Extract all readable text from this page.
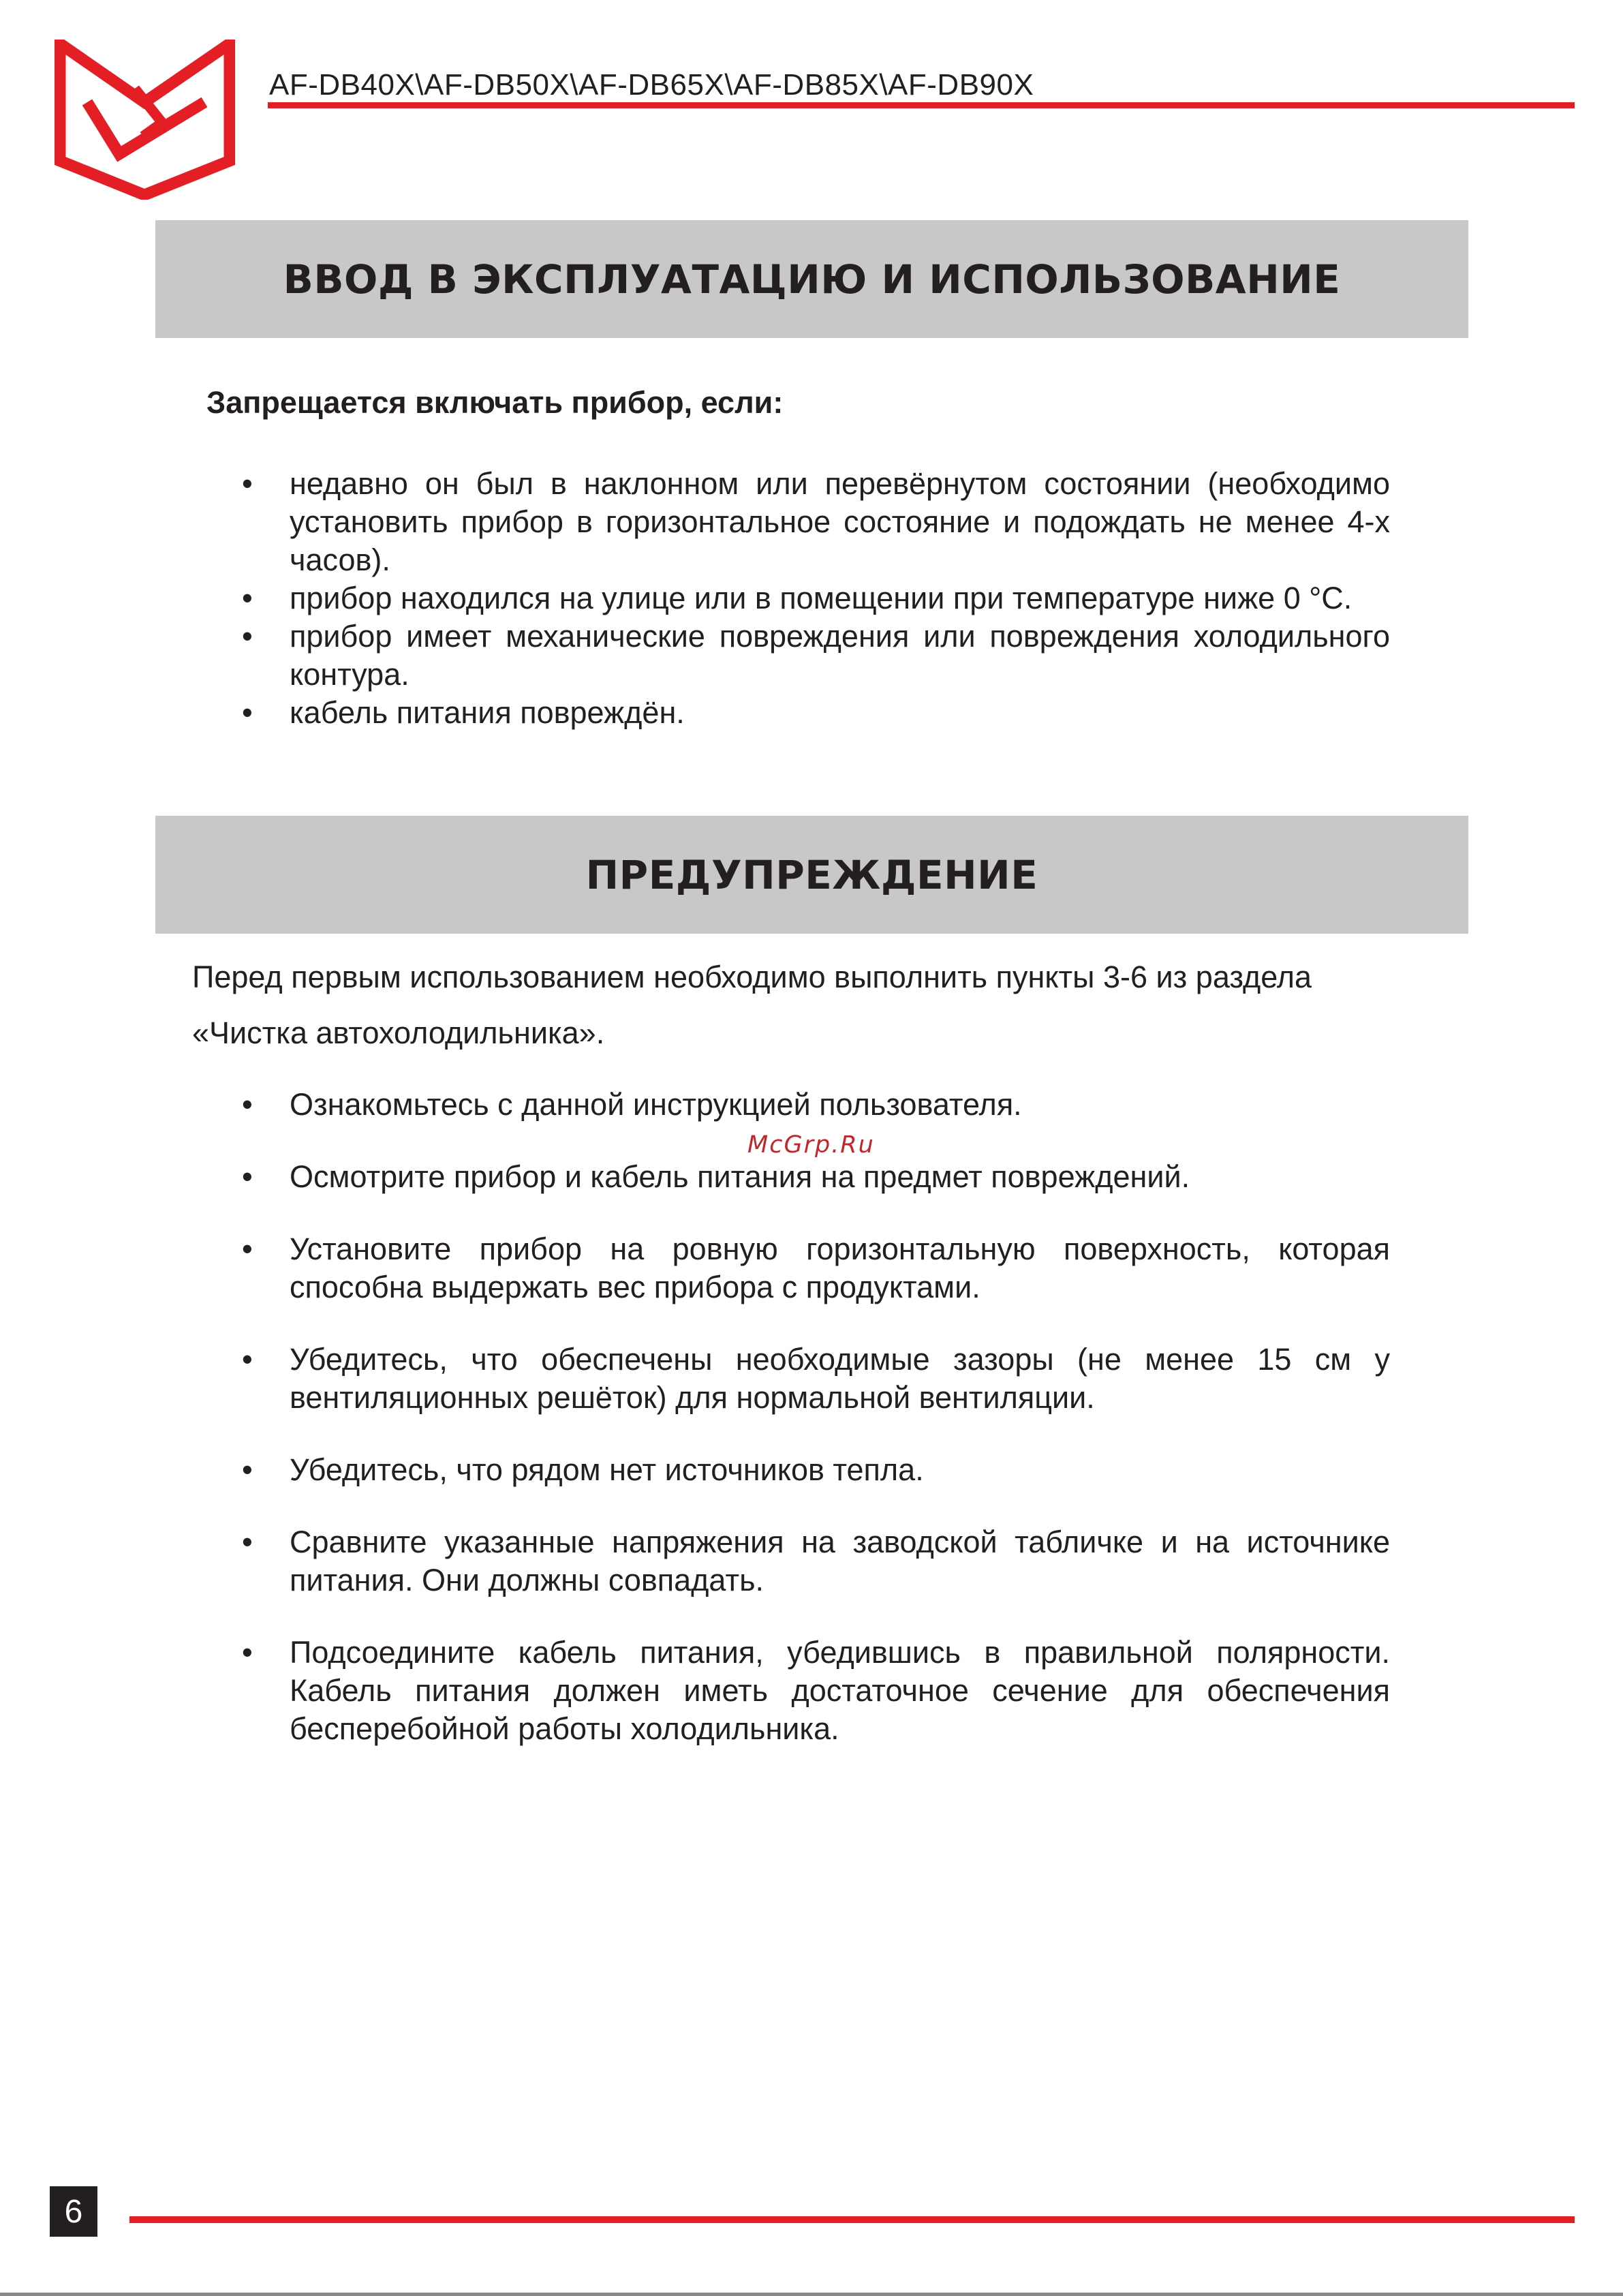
AF-DB40X\AF-DB50X\AF-DB65X\AF-DB85X\AF-DB90X
ВВОД В ЭКСПЛУАТАЦИЮ И ИСПОЛЬЗОВАНИЕ

Запрещается включать прибор, если:

• недавно он был в наклонном или перевёрнутом состоянии (необходимо установить прибор в горизонтальное состояние и подождать не менее 4-х часов).
• прибор находился на улице или в помещении при температуре ниже 0 °C.
• прибор имеет механические повреждения или повреждения холодильного контура.
• кабель питания повреждён.
ПРЕДУПРЕЖДЕНИЕ

Перед первым использованием необходимо выполнить пункты 3-6 из раздела «Чистка автохолодильника».

McGrp.Ru
• Ознакомьтесь с данной инструкцией пользователя.
• Осмотрите прибор и кабель питания на предмет повреждений.
• Установите прибор на ровную горизонтальную поверхность, которая способна выдержать вес прибора с продуктами.
• Убедитесь, что обеспечены необходимые зазоры (не менее 15 см у вентиляционных решёток) для нормальной вентиляции.
• Убедитесь, что рядом нет источников тепла.
• Сравните указанные напряжения на заводской табличке и на источнике питания. Они должны совпадать.
• Подсоедините кабель питания, убедившись в правильной полярности. Кабель питания должен иметь достаточное сечение для обеспечения бесперебойной работы холодильника.
6
